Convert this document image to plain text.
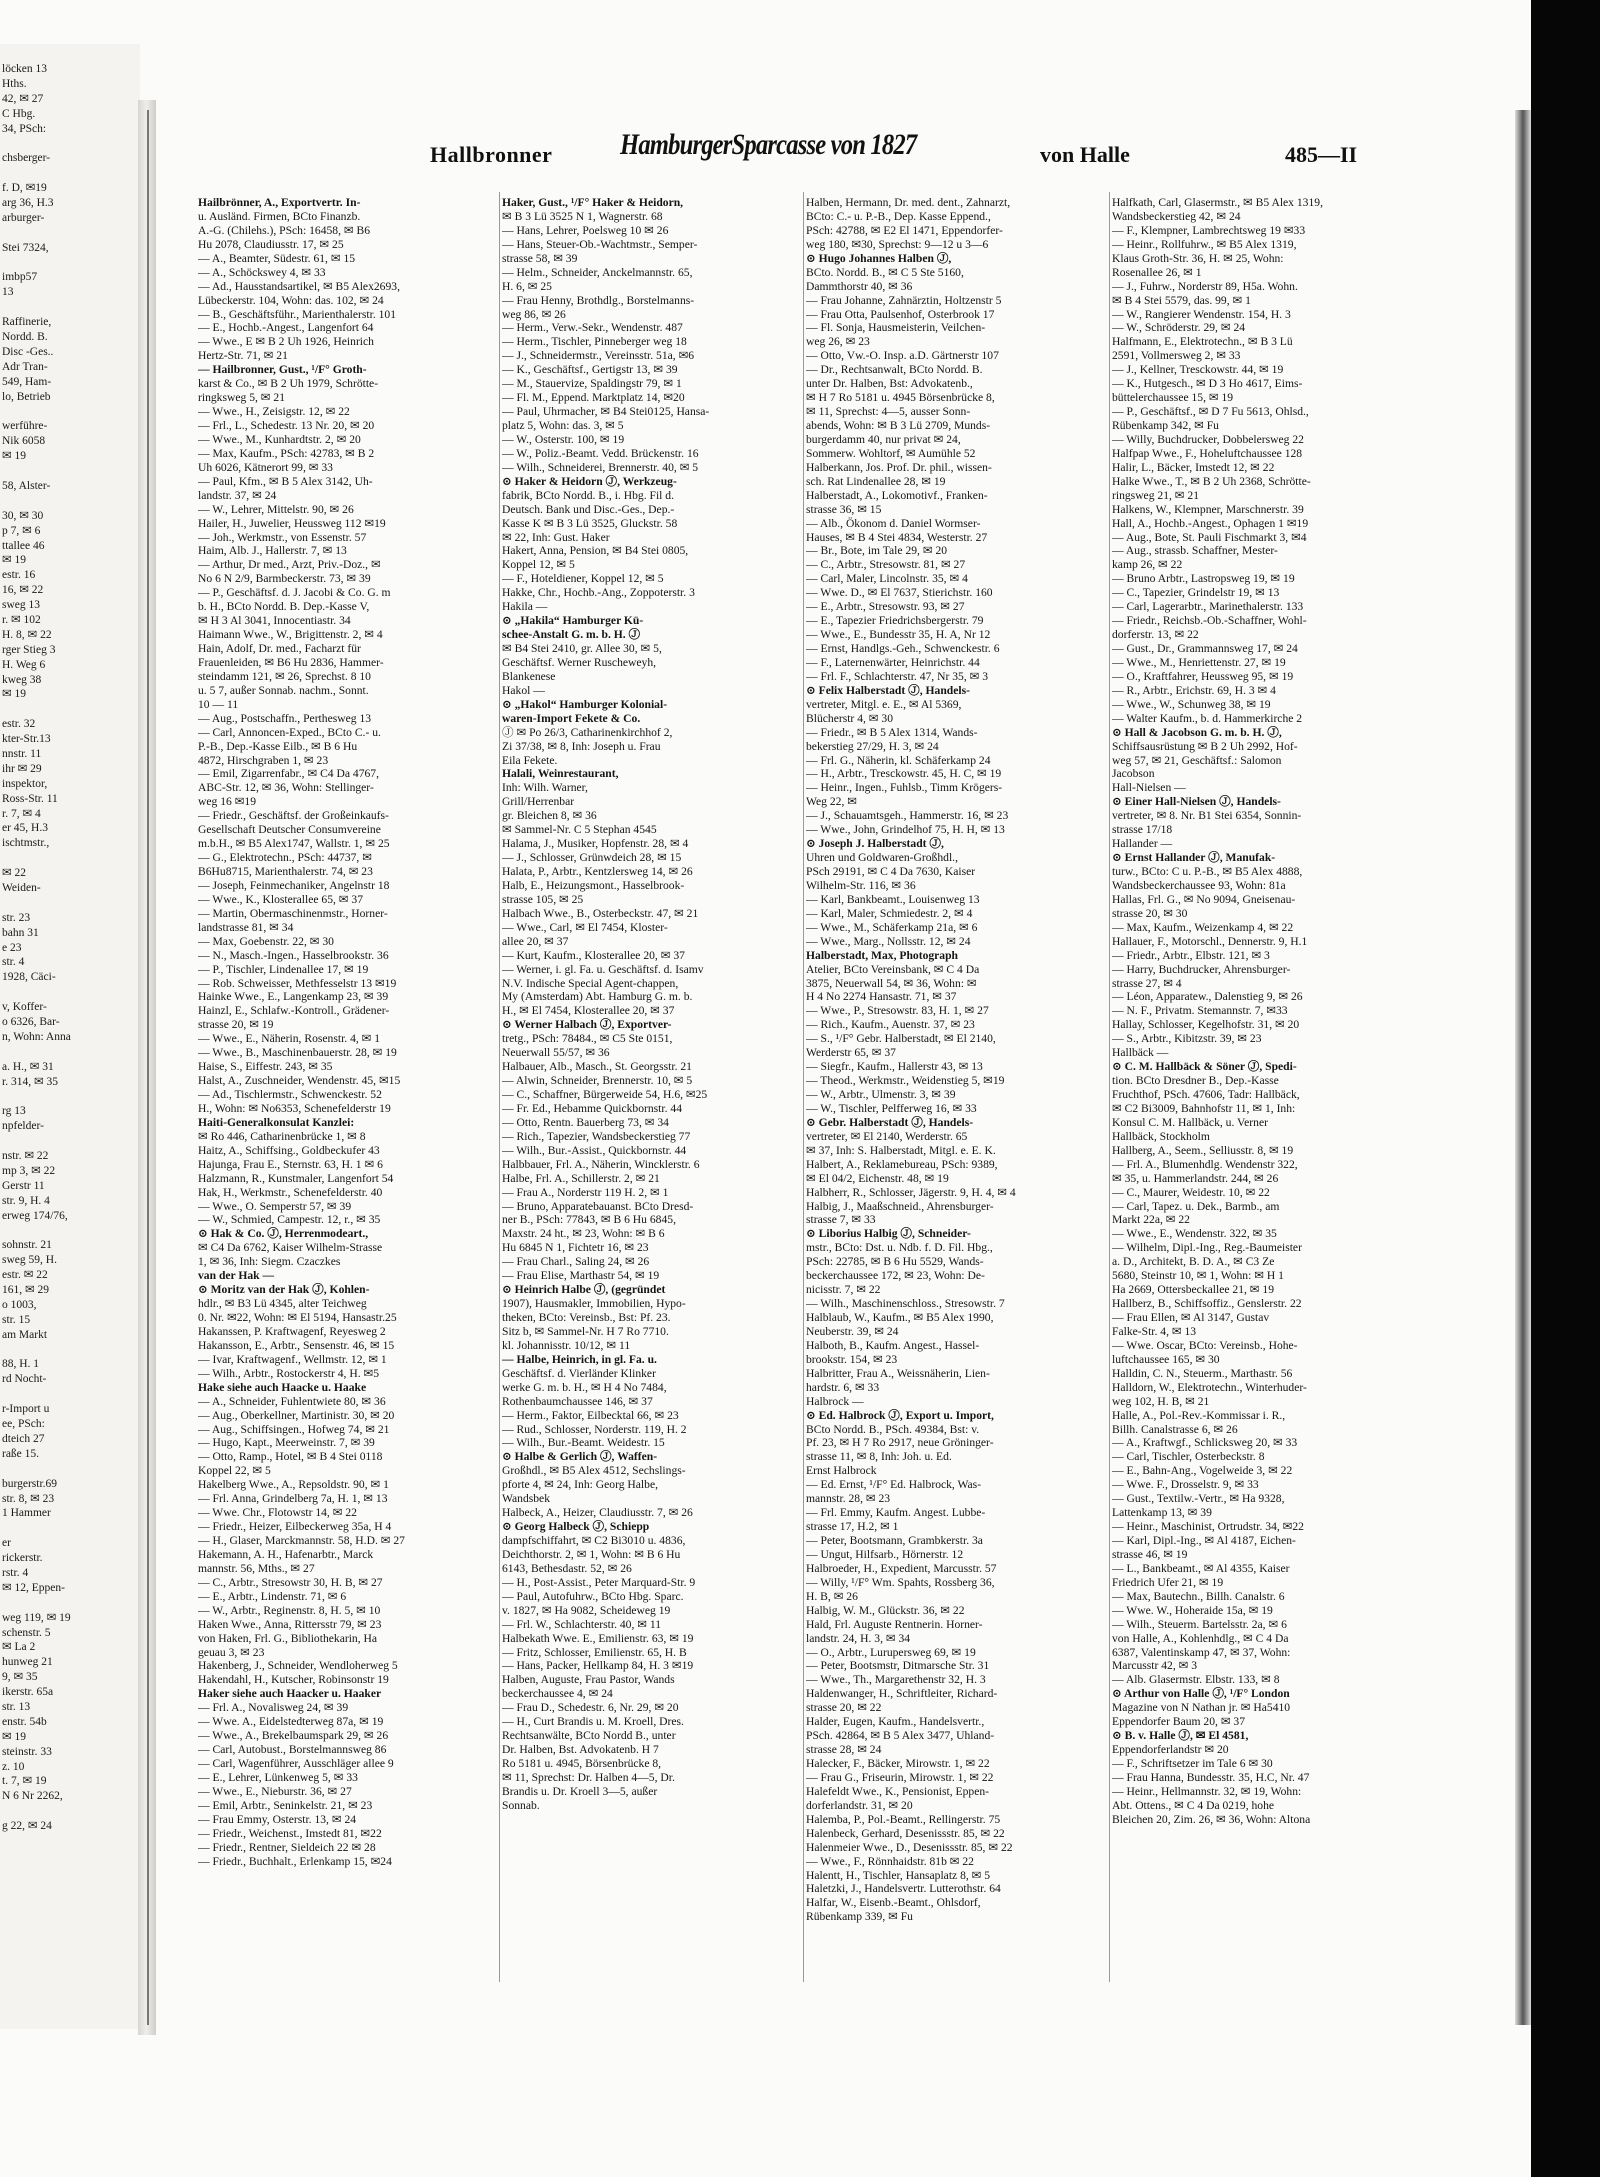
löcken 13
Hths.
42, ✉ 27
C Hbg.
34, PSch:
chsberger-
f. D, ✉19
arg 36, H.3
arburger-
Stei 7324,
imbp57
13
Raffinerie,
Nordd. B.
Disc -Ges..
Adr Tran-
549, Ham-
lo, Betrieb
werführe-
Nik 6058
✉ 19
58, Alster-
30, ✉ 30
p 7, ✉ 6
ttallee 46
✉ 19
estr. 16
16, ✉ 22
sweg 13
r. ✉ 102
H. 8, ✉ 22
rger Stieg 3
H. Weg 6
kweg 38
✉ 19
estr. 32
kter-Str.13
nnstr. 11
ihr ✉ 29
inspektor,
Ross-Str. 11
r. 7, ✉ 4
er 45, H.3
ischtmstr.,
✉ 22
Weiden-
str. 23
bahn 31
e 23
str. 4
1928, Cäci-
v, Koffer-
o 6326, Bar-
n, Wohn: Anna
a. H., ✉ 31
r. 314, ✉ 35
rg 13
npfelder-
nstr. ✉ 22
mp 3, ✉ 22
Gerstr 11
str. 9, H. 4
erweg 174/76,
sohnstr. 21
sweg 59, H.
estr. ✉ 22
161, ✉ 29
o 1003,
str. 15
am Markt
88, H. 1
rd Nocht-
r-Import u
ee, PSch:
dteich 27
raße 15.
burgerstr.69
str. 8, ✉ 23
1 Hammer
er
rickerstr.
rstr. 4
✉ 12, Eppen-
weg 119, ✉ 19
schenstr. 5
✉ La 2
hunweg 21
9, ✉ 35
ikerstr. 65a
str. 13
enstr. 54b
✉ 19
steinstr. 33
z. 10
t. 7, ✉ 19
N 6 Nr 2262,
g 22, ✉ 24
Hallbronner HamburgerSparcasse von 1827	von Halle	485—II
Hailbrönner, A., Exportvertr. In-
u. Ausländ. Firmen, BCto Finanzb.
A.-G. (Chilehs.), PSch: 16458, ✉ B6
Hu 2078, Claudiusstr. 17, ✉ 25
— A., Beamter, Südestr. 61, ✉ 15
— A., Schöckswey 4, ✉ 33
— Ad., Hausstandsartikel, ✉ B5 Alex2693,
Lübeckerstr. 104, Wohn: das. 102, ✉ 24
— B., Geschäftsführ., Marienthalerstr. 101
— E., Hochb.-Angest., Langenfort 64
— Wwe., E ✉ B 2 Uh 1926, Heinrich
Hertz-Str. 71, ✉ 21
— Hailbronner, Gust., ¹/F° Groth-
karst & Co., ✉ B 2 Uh 1979, Schrötte-
ringksweg 5, ✉ 21
— Wwe., H., Zeisigstr. 12, ✉ 22
— Frl., L., Schedestr. 13 Nr. 20, ✉ 20
— Wwe., M., Kunhardtstr. 2, ✉ 20
— Max, Kaufm., PSch: 42783, ✉ B 2
Uh 6026, Kätnerort 99, ✉ 33
— Paul, Kfm., ✉ B 5 Alex 3142, Uh-
landstr. 37, ✉ 24
— W., Lehrer, Mittelstr. 90, ✉ 26
Hailer, H., Juwelier, Heussweg 112 ✉19
— Joh., Werkmstr., von Essenstr. 57
Haim, Alb. J., Hallerstr. 7, ✉ 13
— Arthur, Dr med., Arzt, Priv.-Doz., ✉
No 6 N 2/9, Barmbeckerstr. 73, ✉ 39
— P., Geschäftsf. d. J. Jacobi & Co. G. m
b. H., BCto Nordd. B. Dep.-Kasse V,
✉ H 3 Al 3041, Innocentiastr. 34
Haimann Wwe., W., Brigittenstr. 2, ✉ 4
Hain, Adolf, Dr. med., Facharzt für
Frauenleiden, ✉ B6 Hu 2836, Hammer-
steindamm 121, ✉ 26, Sprechst. 8 10
u. 5 7, außer Sonnab. nachm., Sonnt.
10 — 11
— Aug., Postschaffn., Perthesweg 13
— Carl, Annoncen-Exped., BCto C.- u.
P.-B., Dep.-Kasse Eilb., ✉ B 6 Hu
4872, Hirschgraben 1, ✉ 23
— Emil, Zigarrenfabr., ✉ C4 Da 4767,
ABC-Str. 12, ✉ 36, Wohn: Stellinger-
weg 16 ✉19
— Friedr., Geschäftsf. der Großeinkaufs-
Gesellschaft Deutscher Consumvereine
m.b.H., ✉ B5 Alex1747, Wallstr. 1, ✉ 25
— G., Elektrotechn., PSch: 44737, ✉
B6Hu8715, Marienthalerstr. 74, ✉ 23
— Joseph, Feinmechaniker, Angelnstr 18
— Wwe., K., Klosterallee 65, ✉ 37
— Martin, Obermaschinenmstr., Horner-
landstrasse 81, ✉ 34
— Max, Goebenstr. 22, ✉ 30
— N., Masch.-Ingen., Hasselbrookstr. 36
— P., Tischler, Lindenallee 17, ✉ 19
— Rob. Schweisser, Methfesselstr 13 ✉19
Hainke Wwe., E., Langenkamp 23, ✉ 39
Hainzl, E., Schlafw.-Kontroll., Grädener-
strasse 20, ✉ 19
— Wwe., E., Näherin, Rosenstr. 4, ✉ 1
— Wwe., B., Maschinenbauerstr. 28, ✉ 19
Haise, S., Eiffestr. 243, ✉ 35
Halst, A., Zuschneider, Wendenstr. 45, ✉15
— Ad., Tischlermstr., Schwenckestr. 52
H., Wohn: ✉ No6353, Schenefelderstr 19
Haiti-Generalkonsulat Kanzlei:
✉ Ro 446, Catharinenbrücke 1, ✉ 8
Haitz, A., Schiffsing., Goldbeckufer 43
Hajunga, Frau E., Sternstr. 63, H. 1 ✉ 6
Halzmann, R., Kunstmaler, Langenfort 54
Hak, H., Werkmstr., Schenefelderstr. 40
— Wwe., O. Semperstr 57, ✉ 39
— W., Schmied, Campestr. 12, r., ✉ 35
⊙ Hak & Co. Ⓙ, Herrenmodeart.,
✉ C4 Da 6762, Kaiser Wilhelm-Strasse
1, ✉ 36, Inh: Siegm. Czaczkes
van der Hak —
⊙ Moritz van der Hak Ⓙ, Kohlen-
hdlr., ✉ B3 Lü 4345, alter Teichweg
0. Nr. ✉22, Wohn: ✉ El 5194, Hansastr.25
Hakanssen, P. Kraftwagenf, Reyesweg 2
Hakansson, E., Arbtr., Sensenstr. 46, ✉ 15
— Ivar, Kraftwagenf., Wellmstr. 12, ✉ 1
— Wilh., Arbtr., Rostockerstr 4, H. ✉5
Hake siehe auch Haacke u. Haake
— A., Schneider, Fuhlentwiete 80, ✉ 36
— Aug., Oberkellner, Martinistr. 30, ✉ 20
— Aug., Schiffsingen., Hofweg 74, ✉ 21
— Hugo, Kapt., Meerweinstr. 7, ✉ 39
— Otto, Ramp., Hotel, ✉ B 4 Stei 0118
Koppel 22, ✉ 5
Hakelberg Wwe., A., Repsoldstr. 90, ✉ 1
— Frl. Anna, Grindelberg 7a, H. 1, ✉ 13
— Wwe. Chr., Flotowstr 14, ✉ 22
— Friedr., Heizer, Eilbeckerweg 35a, H 4
— H., Glaser, Marckmannstr. 58, H.D. ✉ 27
Hakemann, A. H., Hafenarbtr., Marck
mannstr. 56, Mths., ✉ 27
— C., Arbtr., Stresowstr 30, H. B, ✉ 27
— E., Arbtr., Lindenstr. 71, ✉ 6
— W., Arbtr., Reginenstr. 8, H. 5, ✉ 10
Haken Wwe., Anna, Rittersstr 79, ✉ 23
von Haken, Frl. G., Bibliothekarin, Ha
geuau 3, ✉ 23
Hakenberg, J., Schneider, Wendloherweg 5
Hakendahl, H., Kutscher, Robinsonstr 19
Haker siehe auch Haacker u. Haaker
— Frl. A., Novalisweg 24, ✉ 39
— Wwe. A., Eidelstedterweg 87a, ✉ 19
— Wwe., A., Brekelbaumspark 29, ✉ 26
— Carl, Autobust., Borstelmannsweg 86
— Carl, Wagenführer, Ausschläger allee 9
— E., Lehrer, Lünkenweg 5, ✉ 33
— Wwe., E., Nieburstr. 36, ✉ 27
— Emil, Arbtr., Seninkelstr. 21, ✉ 23
— Frau Emmy, Osterstr. 13, ✉ 24
— Friedr., Weichenst., Imstedt 81, ✉22
— Friedr., Rentner, Sieldeich 22 ✉ 28
— Friedr., Buchhalt., Erlenkamp 15, ✉24
Haker, Gust., ¹/F° Haker & Heidorn,
✉ B 3 Lü 3525 N 1, Wagnerstr. 68
— Hans, Lehrer, Poelsweg 10 ✉ 26
— Hans, Steuer-Ob.-Wachtmstr., Semper-
strasse 58, ✉ 39
— Helm., Schneider, Anckelmannstr. 65,
H. 6, ✉ 25
— Frau Henny, Brothdlg., Borstelmanns-
weg 86, ✉ 26
— Herm., Verw.-Sekr., Wendenstr. 487
— Herm., Tischler, Pinneberger weg 18
— J., Schneidermstr., Vereinsstr. 51a, ✉6
— K., Geschäftsf., Gertigstr 13, ✉ 39
— M., Stauervize, Spaldingstr 79, ✉ 1
— Fl. M., Eppend. Marktplatz 14, ✉20
— Paul, Uhrmacher, ✉ B4 Stei0125, Hansa-
platz 5, Wohn: das. 3, ✉ 5
— W., Osterstr. 100, ✉ 19
— W., Poliz.-Beamt. Vedd. Brückenstr. 16
— Wilh., Schneiderei, Brennerstr. 40, ✉ 5
⊙ Haker & Heidorn Ⓙ, Werkzeug-
fabrik, BCto Nordd. B., i. Hbg. Fil d.
Deutsch. Bank und Disc.-Ges., Dep.-
Kasse K ✉ B 3 Lü 3525, Gluckstr. 58
✉ 22, Inh: Gust. Haker
Hakert, Anna, Pension, ✉ B4 Stei 0805,
Koppel 12, ✉ 5
— F., Hoteldiener, Koppel 12, ✉ 5
Hakke, Chr., Hochb.-Ang., Zoppoterstr. 3
Hakila —
⊙ „Hakila“ Hamburger Kü-
schee-Anstalt G. m. b. H. Ⓙ
✉ B4 Stei 2410, gr. Allee 30, ✉ 5,
Geschäftsf. Werner Ruscheweyh,
Blankenese
Hakol —
⊙ „Hakol“ Hamburger Kolonial-
waren-Import Fekete & Co.
Ⓙ ✉ Po 26/3, Catharinenkirchhof 2,
Zi 37/38, ✉ 8, Inh: Joseph u. Frau
Eila Fekete.
Halali, Weinrestaurant,
Inh: Wilh. Warner,
Grill/Herrenbar
gr. Bleichen 8, ✉ 36
✉ Sammel-Nr. C 5 Stephan 4545
Halama, J., Musiker, Hopfenstr. 28, ✉ 4
— J., Schlosser, Grünwdeich 28, ✉ 15
Halata, P., Arbtr., Kentzlersweg 14, ✉ 26
Halb, E., Heizungsmont., Hasselbrook-
strasse 105, ✉ 25
Halbach Wwe., B., Osterbeckstr. 47, ✉ 21
— Wwe., Carl, ✉ El 7454, Kloster-
allee 20, ✉ 37
— Kurt, Kaufm., Klosterallee 20, ✉ 37
— Werner, i. gl. Fa. u. Geschäftsf. d. Isamv
N.V. Indische Special Agent-chappen,
My (Amsterdam) Abt. Hamburg G. m. b.
H., ✉ El 7454, Klosterallee 20, ✉ 37
⊙ Werner Halbach Ⓙ, Exportver-
tretg., PSch: 78484., ✉ C5 Ste 0151,
Neuerwall 55/57, ✉ 36
Halbauer, Alb., Masch., St. Georgsstr. 21
— Alwin, Schneider, Brennerstr. 10, ✉ 5
— C., Schaffner, Bürgerweide 54, H.6, ✉25
— Fr. Ed., Hebamme Quickbornstr. 44
— Otto, Rentn. Bauerberg 73, ✉ 34
— Rich., Tapezier, Wandsbeckerstieg 77
— Wilh., Bur.-Assist., Quickbornstr. 44
Halbbauer, Frl. A., Näherin, Wincklerstr. 6
Halbe, Frl. A., Schillerstr. 2, ✉ 21
— Frau A., Norderstr 119 H. 2, ✉ 1
— Bruno, Apparatebauanst. BCto Dresd-
ner B., PSch: 77843, ✉ B 6 Hu 6845,
Maxstr. 24 ht., ✉ 23, Wohn: ✉ B 6
Hu 6845 N 1, Fichtetr 16, ✉ 23
— Frau Charl., Saling 24, ✉ 26
— Frau Elise, Marthastr 54, ✉ 19
⊙ Heinrich Halbe Ⓙ, (gegründet
1907), Hausmakler, Immobilien, Hypo-
theken, BCto: Vereinsb., Bst: Pf. 23.
Sitz b, ✉ Sammel-Nr. H 7 Ro 7710.
kl. Johannisstr. 10/12, ✉ 11
— Halbe, Heinrich, in gl. Fa. u.
Geschäftsf. d. Vierländer Klinker
werke G. m. b. H., ✉ H 4 No 7484,
Rothenbaumchaussee 146, ✉ 37
— Herm., Faktor, Eilbecktal 66, ✉ 23
— Rud., Schlosser, Norderstr. 119, H. 2
— Wilh., Bur.-Beamt. Weidestr. 15
⊙ Halbe & Gerlich Ⓙ, Waffen-
Großhdl., ✉ B5 Alex 4512, Sechslings-
pforte 4, ✉ 24, Inh: Georg Halbe,
Wandsbek
Halbeck, A., Heizer, Claudiusstr. 7, ✉ 26
⊙ Georg Halbeck Ⓙ, Schiepp
dampfschiffahrt, ✉ C2 Bi3010 u. 4836,
Deichthorstr. 2, ✉ 1, Wohn: ✉ B 6 Hu
6143, Bethesdastr. 52, ✉ 26
— H., Post-Assist., Peter Marquard-Str. 9
— Paul, Autofuhrw., BCto Hbg. Sparc.
v. 1827, ✉ Ha 9082, Scheideweg 19
— Frl. W., Schlachterstr. 40, ✉ 11
Halbekath Wwe. E., Emilienstr. 63, ✉ 19
— Fritz, Schlosser, Emilienstr. 65, H. B
— Hans, Packer, Hellkamp 84, H. 3 ✉19
Halben, Auguste, Frau Pastor, Wands
beckerchaussee 4, ✉ 24
— Frau D., Schedestr. 6, Nr. 29, ✉ 20
— H., Curt Brandis u. M. Kroell, Dres.
Rechtsanwälte, BCto Nordd B., unter
Dr. Halben, Bst. Advokatenb. H 7
Ro 5181 u. 4945, Börsenbrücke 8,
✉ 11, Sprechst: Dr. Halben 4—5, Dr.
Brandis u. Dr. Kroell 3—5, außer
Sonnab.
Halben, Hermann, Dr. med. dent., Zahnarzt,
BCto: C.- u. P.-B., Dep. Kasse Eppend.,
PSch: 42788, ✉ E2 El 1471, Eppendorfer-
weg 180, ✉30, Sprechst: 9—12 u 3—6
⊙ Hugo Johannes Halben Ⓙ,
BCto. Nordd. B., ✉ C 5 Ste 5160,
Dammthorstr 40, ✉ 36
— Frau Johanne, Zahnärztin, Holtzenstr 5
— Frau Otta, Paulsenhof, Osterbrook 17
— Fl. Sonja, Hausmeisterin, Veilchen-
weg 26, ✉ 23
— Otto, Vw.-O. Insp. a.D. Gärtnerstr 107
— Dr., Rechtsanwalt, BCto Nordd. B.
unter Dr. Halben, Bst: Advokatenb.,
✉ H 7 Ro 5181 u. 4945 Börsenbrücke 8,
✉ 11, Sprechst: 4—5, ausser Sonn-
abends, Wohn: ✉ B 3 Lü 2709, Munds-
burgerdamm 40, nur privat ✉ 24,
Sommerw. Wohltorf, ✉ Aumühle 52
Halberkann, Jos. Prof. Dr. phil., wissen-
sch. Rat Lindenallee 28, ✉ 19
Halberstadt, A., Lokomotivf., Franken-
strasse 36, ✉ 15
— Alb., Ökonom d. Daniel Wormser-
Hauses, ✉ B 4 Stei 4834, Westerstr. 27
— Br., Bote, im Tale 29, ✉ 20
— C., Arbtr., Stresowstr. 81, ✉ 27
— Carl, Maler, Lincolnstr. 35, ✉ 4
— Wwe. D., ✉ El 7637, Stierichstr. 160
— E., Arbtr., Stresowstr. 93, ✉ 27
— E., Tapezier Friedrichsbergerstr. 79
— Wwe., E., Bundesstr 35, H. A, Nr 12
— Ernst, Handlgs.-Geh., Schwenckestr. 6
— F., Laternenwärter, Heinrichstr. 44
— Frl. F., Schlachterstr. 47, Nr 35, ✉ 3
⊙ Felix Halberstadt Ⓙ, Handels-
vertreter, Mitgl. e. E., ✉ Al 5369,
Blücherstr 4, ✉ 30
— Friedr., ✉ B 5 Alex 1314, Wands-
bekerstieg 27/29, H. 3, ✉ 24
— Frl. G., Näherin, kl. Schäferkamp 24
— H., Arbtr., Tresckowstr. 45, H. C, ✉ 19
— Heinr., Ingen., Fuhlsb., Timm Krögers-
Weg 22, ✉
— J., Schauamtsgeh., Hammerstr. 16, ✉ 23
— Wwe., John, Grindelhof 75, H. H, ✉ 13
⊙ Joseph J. Halberstadt Ⓙ,
Uhren und Goldwaren-Großhdl.,
PSch 29191, ✉ C 4 Da 7630, Kaiser
Wilhelm-Str. 116, ✉ 36
— Karl, Bankbeamt., Louisenweg 13
— Karl, Maler, Schmiedestr. 2, ✉ 4
— Wwe., M., Schäferkamp 21a, ✉ 6
— Wwe., Marg., Nollsstr. 12, ✉ 24
Halberstadt, Max, Photograph
Atelier, BCto Vereinsbank, ✉ C 4 Da
3875, Neuerwall 54, ✉ 36, Wohn: ✉
H 4 No 2274 Hansastr. 71, ✉ 37
— Wwe., P., Stresowstr. 83, H. 1, ✉ 27
— Rich., Kaufm., Auenstr. 37, ✉ 23
— S., ¹/F° Gebr. Halberstadt, ✉ El 2140,
Werderstr 65, ✉ 37
— Siegfr., Kaufm., Hallerstr 43, ✉ 13
— Theod., Werkmstr., Weidenstieg 5, ✉19
— W., Arbtr., Ulmenstr. 3, ✉ 39
— W., Tischler, Pelfferweg 16, ✉ 33
⊙ Gebr. Halberstadt Ⓙ, Handels-
vertreter, ✉ El 2140, Werderstr. 65
✉ 37, Inh: S. Halberstadt, Mitgl. e. E. K.
Halbert, A., Reklamebureau, PSch: 9389,
✉ El 04/2, Eichenstr. 48, ✉ 19
Halbherr, R., Schlosser, Jägerstr. 9, H. 4, ✉ 4
Halbig, J., Maaßschneid., Ahrensburger-
strasse 7, ✉ 33
⊙ Liborius Halbig Ⓙ, Schneider-
mstr., BCto: Dst. u. Ndb. f. D. Fil. Hbg.,
PSch: 22785, ✉ B 6 Hu 5529, Wands-
beckerchaussee 172, ✉ 23, Wohn: De-
nicisstr. 7, ✉ 22
— Wilh., Maschinenschloss., Stresowstr. 7
Halblaub, W., Kaufm., ✉ B5 Alex 1990,
Neuberstr. 39, ✉ 24
Halboth, B., Kaufm. Angest., Hassel-
brookstr. 154, ✉ 23
Halbritter, Frau A., Weissnäherin, Lien-
hardstr. 6, ✉ 33
Halbrock —
⊙ Ed. Halbrock Ⓙ, Export u. Import,
BCto Nordd. B., PSch. 49384, Bst: v.
Pf. 23, ✉ H 7 Ro 2917, neue Gröninger-
strasse 11, ✉ 8, Inh: Joh. u. Ed.
Ernst Halbrock
— Ed. Ernst, ¹/F° Ed. Halbrock, Was-
mannstr. 28, ✉ 23
— Frl. Emmy, Kaufm. Angest. Lubbe-
strasse 17, H.2, ✉ 1
— Peter, Bootsmann, Grambkerstr. 3a
— Ungut, Hilfsarb., Hörnerstr. 12
Halbroeder, H., Expedient, Marcusstr. 57
— Willy, ¹/F° Wm. Spahts, Rossberg 36,
H. B, ✉ 26
Halbig, W. M., Glückstr. 36, ✉ 22
Hald, Frl. Auguste Rentnerin. Horner-
landstr. 24, H. 3, ✉ 34
— O., Arbtr., Lurupersweg 69, ✉ 19
— Peter, Bootsmstr, Ditmarsche Str. 31
— Wwe., Th., Margarethenstr 32, H. 3
Haldenwanger, H., Schriftleiter, Richard-
strasse 20, ✉ 22
Halder, Eugen, Kaufm., Handelsvertr.,
PSch. 42864, ✉ B 5 Alex 3477, Uhland-
strasse 28, ✉ 24
Halecker, F., Bäcker, Mirowstr. 1, ✉ 22
— Frau G., Friseurin, Mirowstr. 1, ✉ 22
Halefeldt Wwe., K., Pensionist, Eppen-
dorferlandstr. 31, ✉ 20
Halemba, P., Pol.-Beamt., Rellingerstr. 75
Halenbeck, Gerhard, Desenissstr. 85, ✉ 22
Halenmeier Wwe., D., Desenissstr. 85, ✉ 22
— Wwe., F., Rönnhaidstr. 81b ✉ 22
Halentt, H., Tischler, Hansaplatz 8, ✉ 5
Haletzki, J., Handelsvertr. Lutterothstr. 64
Halfar, W., Eisenb.-Beamt., Ohlsdorf,
Rübenkamp 339, ✉ Fu
Halfkath, Carl, Glasermstr., ✉ B5 Alex 1319,
Wandsbeckerstieg 42, ✉ 24
— F., Klempner, Lambrechtsweg 19 ✉33
— Heinr., Rollfuhrw., ✉ B5 Alex 1319,
Klaus Groth-Str. 36, H. ✉ 25, Wohn:
Rosenallee 26, ✉ 1
— J., Fuhrw., Norderstr 89, H5a. Wohn.
✉ B 4 Stei 5579, das. 99, ✉ 1
— W., Rangierer Wendenstr. 154, H. 3
— W., Schröderstr. 29, ✉ 24
Halfmann, E., Elektrotechn., ✉ B 3 Lü
2591, Vollmersweg 2, ✉ 33
— J., Kellner, Tresckowstr. 44, ✉ 19
— K., Hutgesch., ✉ D 3 Ho 4617, Eims-
büttelerchaussee 15, ✉ 19
— P., Geschäftsf., ✉ D 7 Fu 5613, Ohlsd.,
Rübenkamp 342, ✉ Fu
— Willy, Buchdrucker, Dobbelersweg 22
Halfpap Wwe., F., Hoheluftchaussee 128
Halir, L., Bäcker, Imstedt 12, ✉ 22
Halke Wwe., T., ✉ B 2 Uh 2368, Schrötte-
ringsweg 21, ✉ 21
Halkens, W., Klempner, Marschnerstr. 39
Hall, A., Hochb.-Angest., Ophagen 1 ✉19
— Aug., Bote, St. Pauli Fischmarkt 3, ✉4
— Aug., strassb. Schaffner, Mester-
kamp 26, ✉ 22
— Bruno Arbtr., Lastropsweg 19, ✉ 19
— C., Tapezier, Grindelstr 19, ✉ 13
— Carl, Lagerarbtr., Marinethalerstr. 133
— Friedr., Reichsb.-Ob.-Schaffner, Wohl-
dorferstr. 13, ✉ 22
— Gust., Dr., Grammannsweg 17, ✉ 24
— Wwe., M., Henriettenstr. 27, ✉ 19
— O., Kraftfahrer, Heussweg 95, ✉ 19
— R., Arbtr., Erichstr. 69, H. 3 ✉ 4
— Wwe., W., Schunweg 38, ✉ 19
— Walter Kaufm., b. d. Hammerkirche 2
⊙ Hall & Jacobson G. m. b. H. Ⓙ,
Schiffsausrüstung ✉ B 2 Uh 2992, Hof-
weg 57, ✉ 21, Geschäftsf.: Salomon
Jacobson
Hall-Nielsen —
⊙ Einer Hall-Nielsen Ⓙ, Handels-
vertreter, ✉ 8. Nr. B1 Stei 6354, Sonnin-
strasse 17/18
Hallander —
⊙ Ernst Hallander Ⓙ, Manufak-
turw., BCto: C u. P.-B., ✉ B5 Alex 4888,
Wandsbeckerchaussee 93, Wohn: 81a
Hallas, Frl. G., ✉ No 9094, Gneisenau-
strasse 20, ✉ 30
— Max, Kaufm., Weizenkamp 4, ✉ 22
Hallauer, F., Motorschl., Dennerstr. 9, H.1
— Friedr., Arbtr., Elbstr. 121, ✉ 3
— Harry, Buchdrucker, Ahrensburger-
strasse 27, ✉ 4
— Léon, Apparatew., Dalenstieg 9, ✉ 26
— N. F., Privatm. Stemannstr. 7, ✉33
Hallay, Schlosser, Kegelhofstr. 31, ✉ 20
— S., Arbtr., Kibitzstr. 39, ✉ 23
Hallbäck —
⊙ C. M. Hallbäck & Söner Ⓙ, Spedi-
tion. BCto Dresdner B., Dep.-Kasse
Fruchthof, PSch. 47606, Tadr: Hallbäck,
✉ C2 Bi3009, Bahnhofstr 11, ✉ 1, Inh:
Konsul C. M. Hallbäck, u. Verner
Hallbäck, Stockholm
Hallberg, A., Seem., Selliusstr. 8, ✉ 19
— Frl. A., Blumenhdlg. Wendenstr 322,
✉ 35, u. Hammerlandstr. 244, ✉ 26
— C., Maurer, Weidestr. 10, ✉ 22
— Carl, Tapez. u. Dek., Barmb., am
Markt 22a, ✉ 22
— Wwe., E., Wendenstr. 322, ✉ 35
— Wilhelm, Dipl.-Ing., Reg.-Baumeister
a. D., Architekt, B. D. A., ✉ C3 Ze
5680, Steinstr 10, ✉ 1, Wohn: ✉ H 1
Ha 2669, Ottersbeckallee 21, ✉ 19
Hallberz, B., Schiffsoffiz., Genslerstr. 22
— Frau Ellen, ✉ Al 3147, Gustav
Falke-Str. 4, ✉ 13
— Wwe. Oscar, BCto: Vereinsb., Hohe-
luftchaussee 165, ✉ 30
Halldin, C. N., Steuerm., Marthastr. 56
Halldorn, W., Elektrotechn., Winterhuder-
weg 102, H. B, ✉ 21
Halle, A., Pol.-Rev.-Kommissar i. R.,
Billh. Canalstrasse 6, ✉ 26
— A., Kraftwgf., Schlicksweg 20, ✉ 33
— Carl, Tischler, Osterbeckstr. 8
— E., Bahn-Ang., Vogelweide 3, ✉ 22
— Wwe. F., Drosselstr. 9, ✉ 33
— Gust., Textilw.-Vertr., ✉ Ha 9328,
Lattenkamp 13, ✉ 39
— Heinr., Maschinist, Ortrudstr. 34, ✉22
— Karl, Dipl.-Ing., ✉ Al 4187, Eichen-
strasse 46, ✉ 19
— L., Bankbeamt., ✉ Al 4355, Kaiser
Friedrich Ufer 21, ✉ 19
— Max, Bautechn., Billh. Canalstr. 6
— Wwe. W., Hoheraide 15a, ✉ 19
— Wilh., Steuerm. Bartelsstr. 2a, ✉ 6
von Halle, A., Kohlenhdlg., ✉ C 4 Da
6387, Valentinskamp 47, ✉ 37, Wohn:
Marcusstr 42, ✉ 3
— Alb. Glasermstr. Elbstr. 133, ✉ 8
⊙ Arthur von Halle Ⓙ, ¹/F° London
Magazine von N Nathan jr. ✉ Ha5410
Eppendorfer Baum 20, ✉ 37
⊙ B. v. Halle Ⓙ, ✉ El 4581,
Eppendorferlandstr ✉ 20
— F., Schriftsetzer im Tale 6 ✉ 30
— Frau Hanna, Bundesstr. 35, H.C, Nr. 47
— Heinr., Hellmannstr. 32, ✉ 19, Wohn:
Abt. Ottens., ✉ C 4 Da 0219, hohe
Bleichen 20, Zim. 26, ✉ 36, Wohn: Altona
